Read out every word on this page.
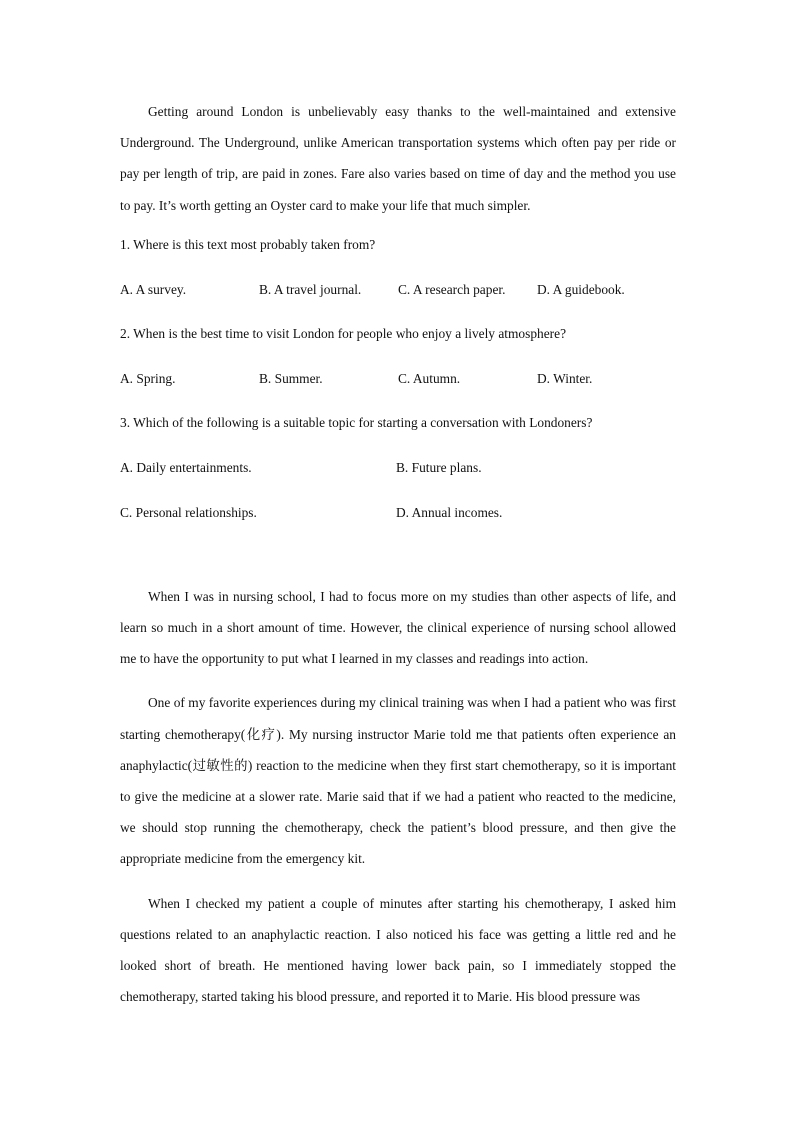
Getting around London is unbelievably easy thanks to the well-maintained and extensive Underground. The Underground, unlike American transportation systems which often pay per ride or pay per length of trip, are paid in zones. Fare also varies based on time of day and the method you use to pay. It’s worth getting an Oyster card to make your life that much simpler.

1. Where is this text most probably taken from?

A. A survey.	B. A travel journal.	C. A research paper.	D. A guidebook.

2. When is the best time to visit London for people who enjoy a lively atmosphere?

A. Spring.	B. Summer.	C. Autumn.	D. Winter.

3. Which of the following is a suitable topic for starting a conversation with Londoners?

A. Daily entertainments.	B. Future plans.
C. Personal relationships.	D. Annual incomes.

When I was in nursing school, I had to focus more on my studies than other aspects of life, and learn so much in a short amount of time. However, the clinical experience of nursing school allowed me to have the opportunity to put what I learned in my classes and readings into action.

One of my favorite experiences during my clinical training was when I had a patient who was first starting chemotherapy(化疗). My nursing instructor Marie told me that patients often experience an anaphylactic(过敏性的) reaction to the medicine when they first start chemotherapy, so it is important to give the medicine at a slower rate. Marie said that if we had a patient who reacted to the medicine, we should stop running the chemotherapy, check the patient’s blood pressure, and then give the appropriate medicine from the emergency kit.

When I checked my patient a couple of minutes after starting his chemotherapy, I asked him questions related to an anaphylactic reaction. I also noticed his face was getting a little red and he looked short of breath. He mentioned having lower back pain, so I immediately stopped the chemotherapy, started taking his blood pressure, and reported it to Marie. His blood pressure was
